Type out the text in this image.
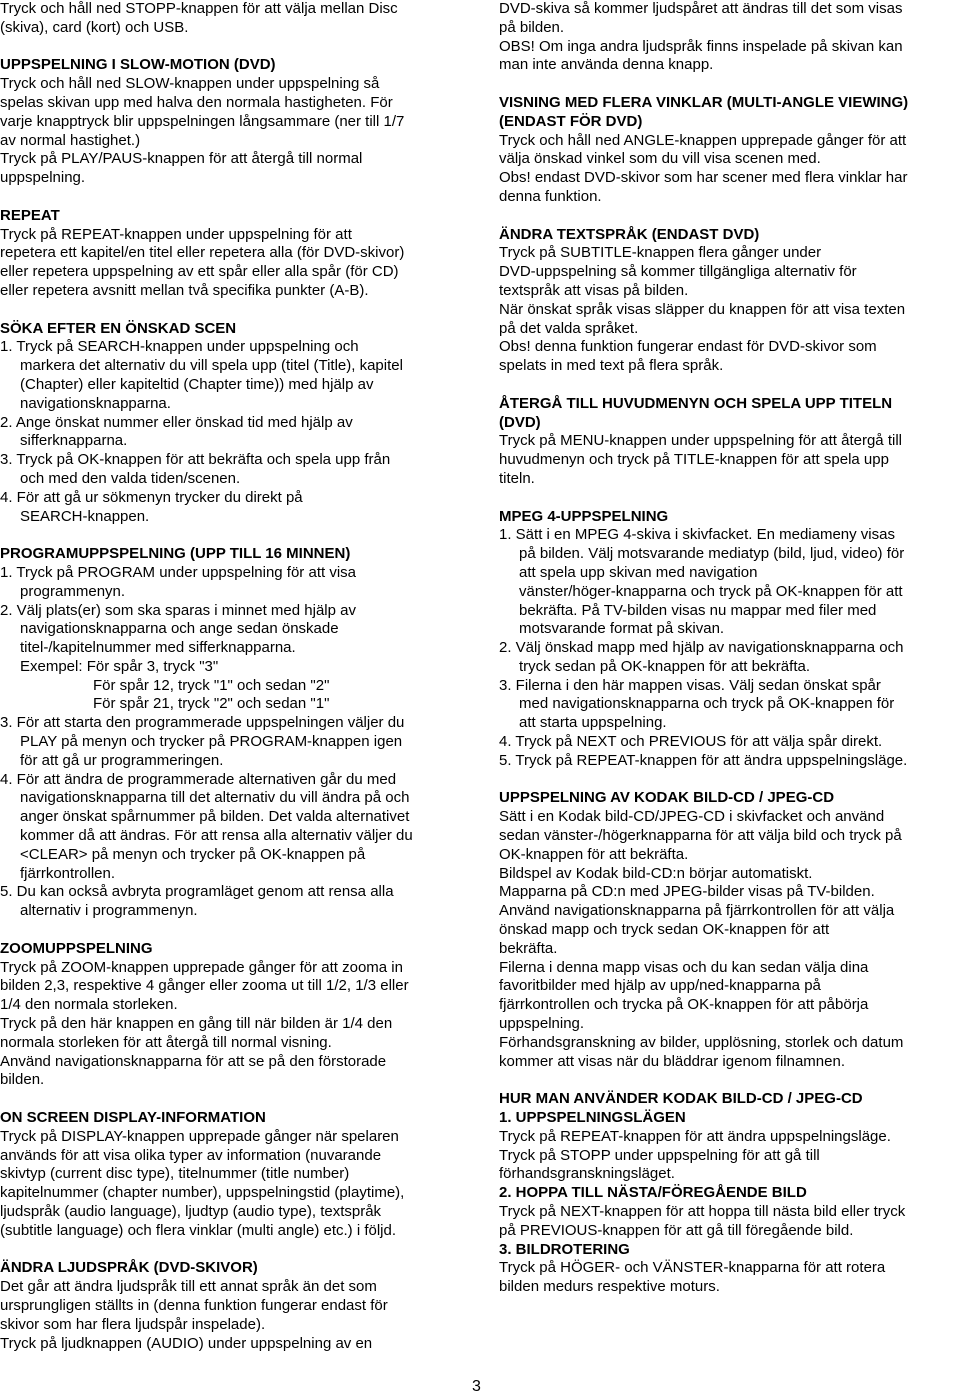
Tryck och håll ned STOPP-knappen för att välja mellan Disc

(skiva), card (kort) och USB.

UPPSPELNING I SLOW-MOTION (DVD)

Tryck och håll ned SLOW-knappen under uppspelning så

spelas skivan upp med halva den normala hastigheten. För

varje knapptryck blir uppspelningen långsammare (ner till 1/7

av normal hastighet.)

Tryck på PLAY/PAUS-knappen för att återgå till normal

uppspelning.

REPEAT

Tryck på REPEAT-knappen under uppspelning för att

repetera ett kapitel/en titel eller repetera alla (för DVD-skivor)

eller repetera uppspelning av ett spår eller alla spår (för CD)

eller repetera avsnitt mellan två specifika punkter (A-B).

SÖKA EFTER EN ÖNSKAD SCEN

1. Tryck på SEARCH-knappen under uppspelning och

markera det alternativ du vill spela upp (titel (Title), kapitel

(Chapter) eller kapiteltid (Chapter time)) med hjälp av

navigationsknapparna.

2. Ange önskat nummer eller önskad tid med hjälp av

sifferknapparna.

3. Tryck på OK-knappen för att bekräfta och spela upp från

och med den valda tiden/scenen.

4. För att gå ur sökmenyn trycker du direkt på

SEARCH-knappen.

PROGRAMUPPSPELNING (UPP TILL 16 MINNEN)

1. Tryck på PROGRAM under uppspelning för att visa

programmenyn.

2. Välj plats(er) som ska sparas i minnet med hjälp av

navigationsknapparna och ange sedan önskade

titel-/kapitelnummer med sifferknapparna.

Exempel: För spår 3, tryck "3"

För spår 12, tryck "1" och sedan "2"

För spår 21, tryck "2" och sedan "1"

3. För att starta den programmerade uppspelningen väljer du

PLAY på menyn och trycker på PROGRAM-knappen igen

för att gå ur programmeringen.

4. För att ändra de programmerade alternativen går du med

navigationsknapparna till det alternativ du vill ändra på och

anger önskat spårnummer på bilden. Det valda alternativet

kommer då att ändras. För att rensa alla alternativ väljer du

<CLEAR> på menyn och trycker på OK-knappen på

fjärrkontrollen.

5. Du kan också avbryta programläget genom att rensa alla

alternativ i programmenyn.

ZOOMUPPSPELNING

Tryck på ZOOM-knappen upprepade gånger för att zooma in

bilden 2,3, respektive 4 gånger eller zooma ut till 1/2, 1/3 eller

1/4 den normala storleken.

Tryck på den här knappen en gång till när bilden är 1/4 den

normala storleken för att återgå till normal visning.

Använd navigationsknapparna för att se på den förstorade

bilden.

ON SCREEN DISPLAY-INFORMATION

Tryck på DISPLAY-knappen upprepade gånger när spelaren

används för att visa olika typer av information (nuvarande

skivtyp (current disc type), titelnummer (title number)

kapitelnummer (chapter number), uppspelningstid (playtime),

ljudspråk (audio language), ljudtyp (audio type), textspråk

(subtitle language) och flera vinklar (multi angle) etc.) i följd.

ÄNDRA LJUDSPRÅK (DVD-SKIVOR)

Det går att ändra ljudspråk till ett annat språk än det som

ursprungligen ställts in (denna funktion fungerar endast för

skivor som har flera ljudspår inspelade).

Tryck på ljudknappen (AUDIO) under uppspelning av en

DVD-skiva så kommer ljudspåret att ändras till det som visas

på bilden.

OBS! Om inga andra ljudspråk finns inspelade på skivan kan

man inte använda denna knapp.

VISNING MED FLERA VINKLAR (MULTI-ANGLE VIEWING)

(ENDAST FÖR DVD)

Tryck och håll ned ANGLE-knappen upprepade gånger för att

välja önskad vinkel som du vill visa scenen med.

Obs! endast DVD-skivor som har scener med flera vinklar har

denna funktion.

ÄNDRA TEXTSPRÅK (ENDAST DVD)

Tryck på SUBTITLE-knappen flera gånger under

DVD-uppspelning så kommer tillgängliga alternativ för

textspråk att visas på bilden.

När önskat språk visas släpper du knappen för att visa texten

på det valda språket.

Obs! denna funktion fungerar endast för DVD-skivor som

spelats in med text på flera språk.

ÅTERGÅ TILL HUVUDMENYN OCH SPELA UPP TITELN

(DVD)

Tryck på MENU-knappen under uppspelning för att återgå till

huvudmenyn och tryck på TITLE-knappen för att spela upp

titeln.

MPEG 4-UPPSPELNING

1. Sätt i en MPEG 4-skiva i skivfacket. En mediameny visas

på bilden. Välj motsvarande mediatyp (bild, ljud, video) för

att spela upp skivan med navigation

vänster/höger-knapparna och tryck på OK-knappen för att

bekräfta. På TV-bilden visas nu mappar med filer med

motsvarande format på skivan.

2. Välj önskad mapp med hjälp av navigationsknapparna och

tryck sedan på OK-knappen för att bekräfta.

3. Filerna i den här mappen visas. Välj sedan önskat spår

med navigationsknapparna och tryck på OK-knappen för

att starta uppspelning.

4. Tryck på NEXT och PREVIOUS för att välja spår direkt.

5. Tryck på REPEAT-knappen för att ändra uppspelningsläge.

UPPSPELNING AV KODAK BILD-CD / JPEG-CD

Sätt i en Kodak bild-CD/JPEG-CD i skivfacket och använd

sedan vänster-/högerknapparna för att välja bild och tryck på

OK-knappen för att bekräfta.

Bildspel av Kodak bild-CD:n börjar automatiskt.

Mapparna på CD:n med JPEG-bilder visas på TV-bilden.

Använd navigationsknapparna på fjärrkontrollen för att välja

önskad mapp och tryck sedan OK-knappen för att

bekräfta.

Filerna i denna mapp visas och du kan sedan välja dina

favoritbilder med hjälp av upp/ned-knapparna på

fjärrkontrollen och trycka på OK-knappen för att påbörja

uppspelning.

Förhandsgranskning av bilder, upplösning, storlek och datum

kommer att visas när du bläddrar igenom filnamnen.

HUR MAN ANVÄNDER KODAK BILD-CD / JPEG-CD

1. UPPSPELNINGSLÄGEN

Tryck på REPEAT-knappen för att ändra uppspelningsläge.

Tryck på STOPP under uppspelning för att gå till

förhandsgranskningsläget.

2. HOPPA TILL NÄSTA/FÖREGÅENDE BILD

Tryck på NEXT-knappen för att hoppa till nästa bild eller tryck

på PREVIOUS-knappen för att gå till föregående bild.

3. BILDROTERING

Tryck på HÖGER- och VÄNSTER-knapparna för att rotera

bilden medurs respektive moturs.

3
